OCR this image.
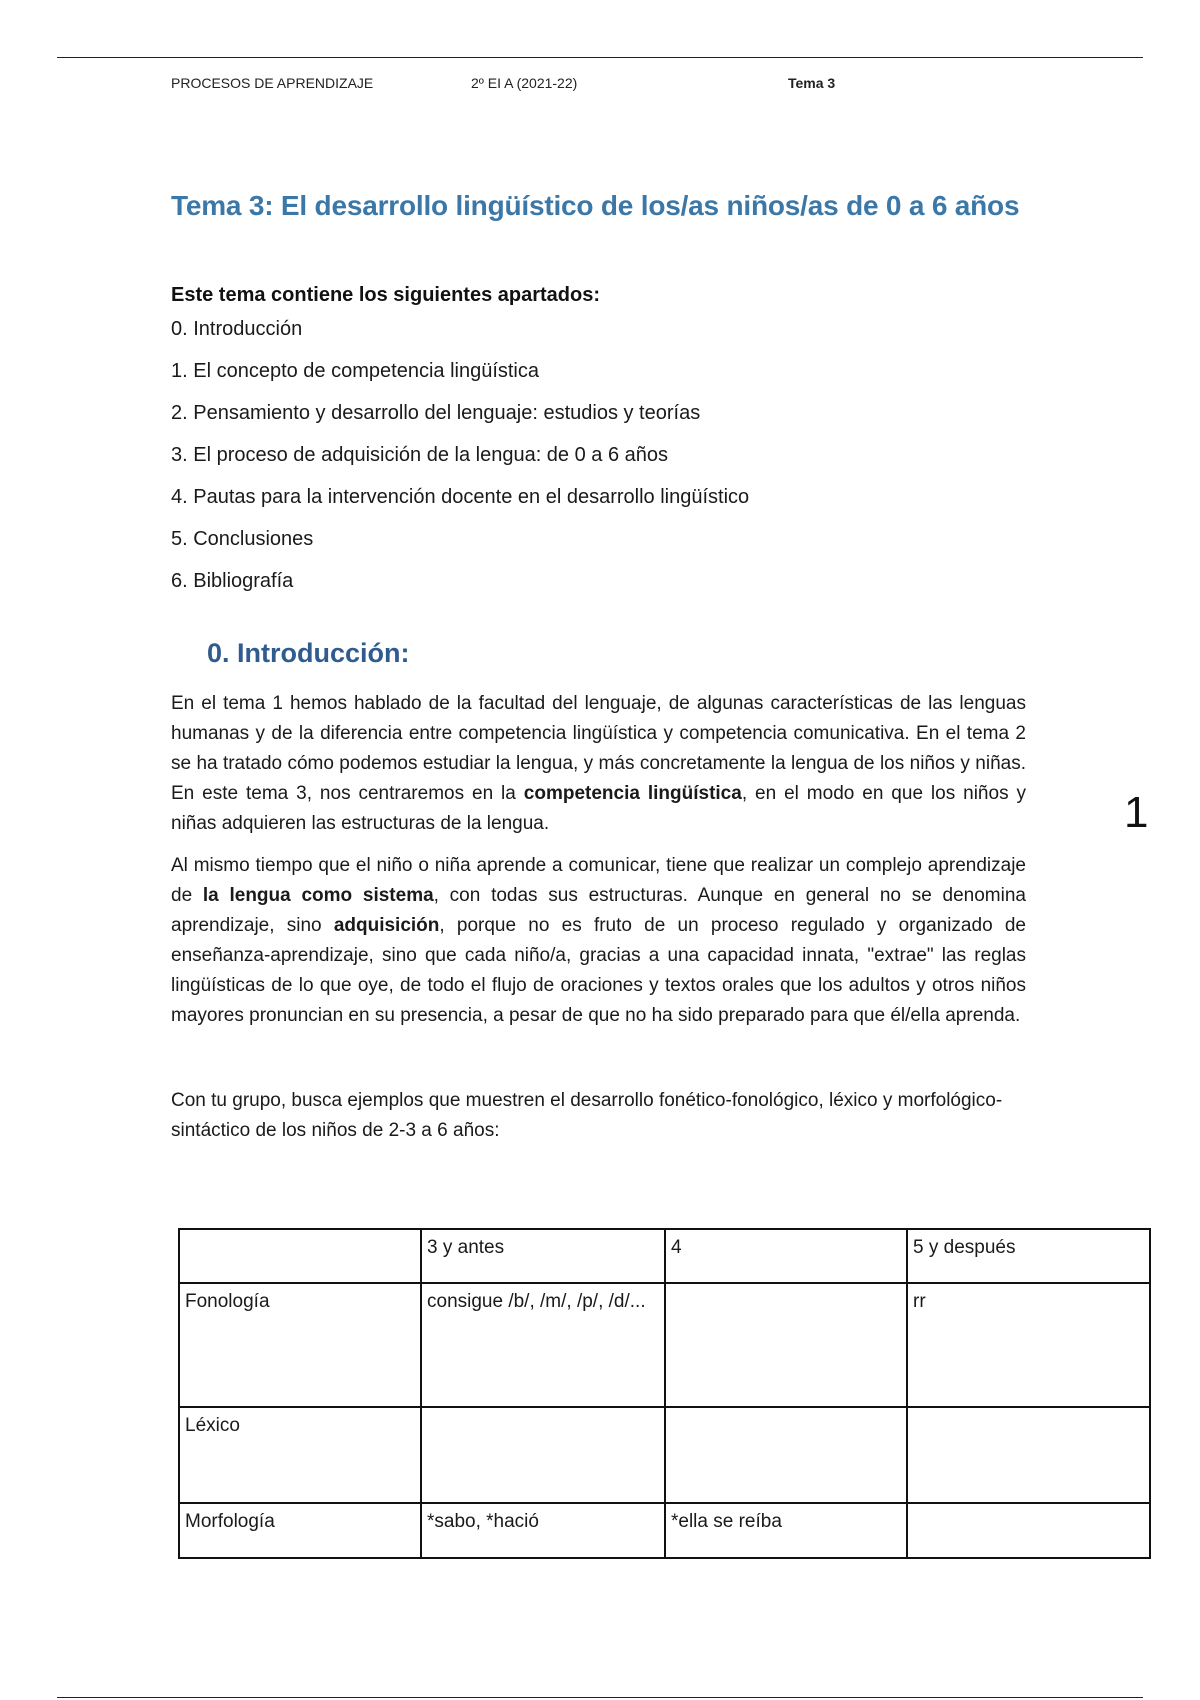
PROCESOS DE APRENDIZAJE	2º EI A (2021-22)	Tema 3
Tema 3: El desarrollo lingüístico de los/as niños/as de 0 a 6 años

Este tema contiene los siguientes apartados:

0. Introducción
1. El concepto de competencia lingüística
2. Pensamiento y desarrollo del lenguaje: estudios y teorías
3. El proceso de adquisición de la lengua: de 0 a 6 años
4. Pautas para la intervención docente en el desarrollo lingüístico
5. Conclusiones
6. Bibliografía
0. Introducción:

En el tema 1 hemos hablado de la facultad del lenguaje, de algunas características de las lenguas humanas y de la diferencia entre competencia lingüística y competencia comunicativa. En el tema 2 se ha tratado cómo podemos estudiar la lengua, y más concretamente la lengua de los niños y niñas. En este tema 3, nos centraremos en la competencia lingüística, en el modo en que los niños y niñas adquieren las estructuras de la lengua.

Al mismo tiempo que el niño o niña aprende a comunicar, tiene que realizar un complejo aprendizaje de la lengua como sistema, con todas sus estructuras. Aunque en general no se denomina aprendizaje, sino adquisición, porque no es fruto de un proceso regulado y organizado de enseñanza-aprendizaje, sino que cada niño/a, gracias a una capacidad innata, "extrae" las reglas lingüísticas de lo que oye, de todo el flujo de oraciones y textos orales que los adultos y otros niños mayores pronuncian en su presencia, a pesar de que no ha sido preparado para que él/ella aprenda.

Con tu grupo, busca ejemplos que muestren el desarrollo fonético-fonológico, léxico y morfológico-sintáctico de los niños de 2-3 a 6 años:

1
	3 y antes	4	5 y después
Fonología	consigue /b/, /m/, /p/, /d/...		rr
Léxico			
Morfología	*sabo, *hació	*ella se reíba	
